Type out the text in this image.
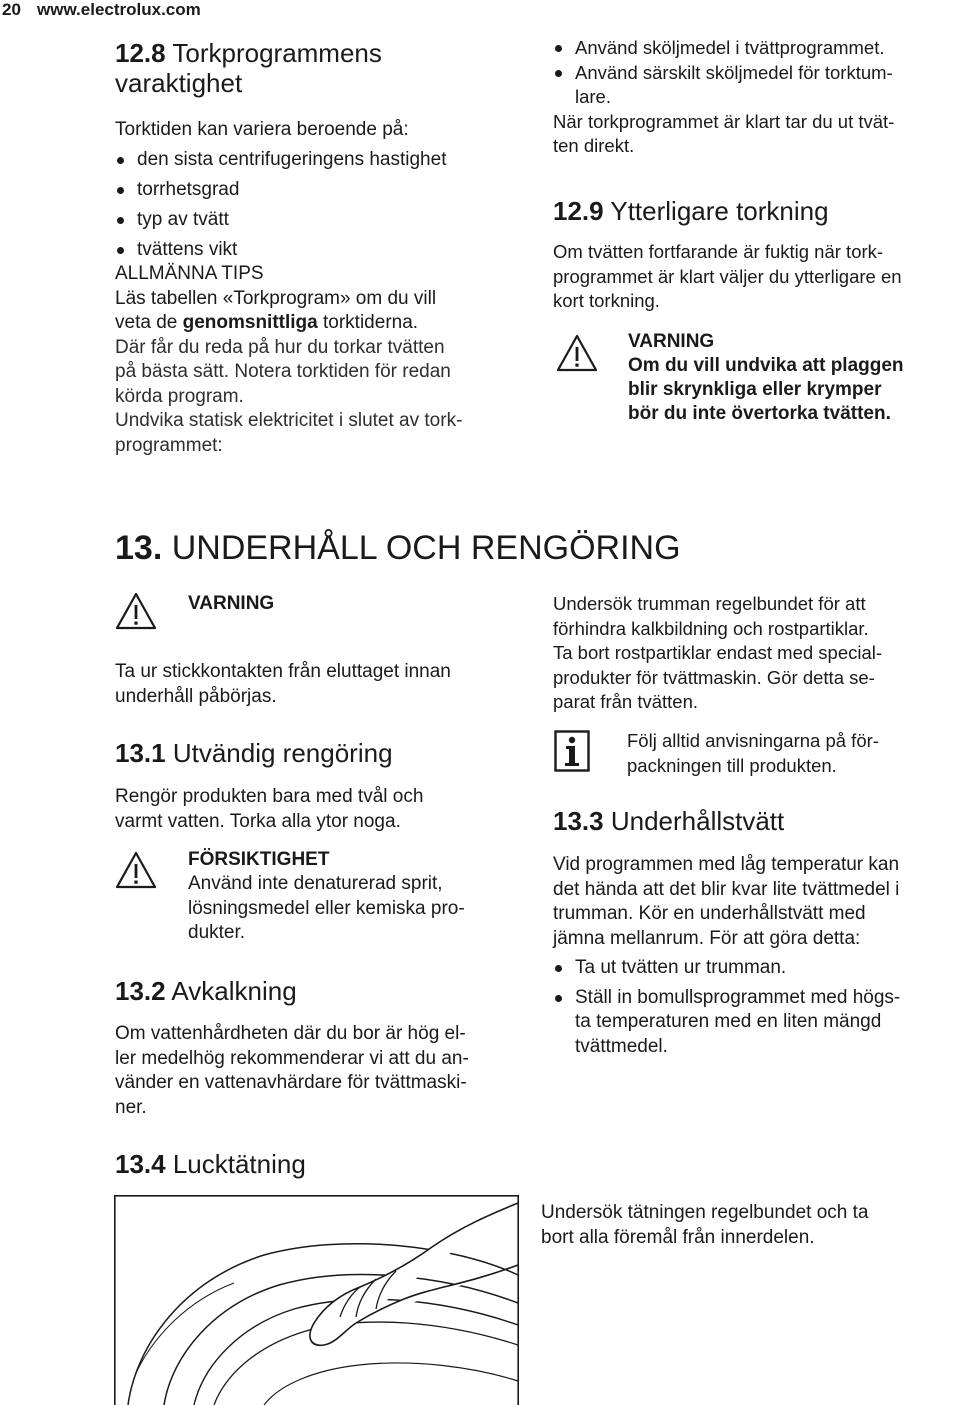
20 www.electrolux.com
12.8 Torkprogrammens
varaktighet
Torktiden kan variera beroende på:
den sista centrifugeringens hastighet
torrhetsgrad
typ av tvätt
tvättens vikt
ALLMÄNNA TIPS
Läs tabellen «Torkprogram» om du vill
veta de genomsnittliga torktiderna.
Där får du reda på hur du torkar tvätten
på bästa sätt. Notera torktiden för redan
körda program.
Undvika statisk elektricitet i slutet av tork-
programmet:
Använd sköljmedel i tvättprogrammet.
Använd särskilt sköljmedel för torktum-
lare.
När torkprogrammet är klart tar du ut tvät-
ten direkt.
12.9 Ytterligare torkning
Om tvätten fortfarande är fuktig när tork-
programmet är klart väljer du ytterligare en
kort torkning.
VARNING
Om du vill undvika att plaggen
blir skrynkliga eller krymper
bör du inte övertorka tvätten.
13. UNDERHÅLL OCH RENGÖRING
VARNING
Ta ur stickkontakten från eluttaget innan
underhåll påbörjas.
13.1 Utvändig rengöring
Rengör produkten bara med tvål och
varmt vatten. Torka alla ytor noga.
FÖRSIKTIGHET
Använd inte denaturerad sprit,
lösningsmedel eller kemiska pro-
dukter.
13.2 Avkalkning
Om vattenhårdheten där du bor är hög el-
ler medelhög rekommenderar vi att du an-
vänder en vattenavhärdare för tvättmaski-
ner.
Undersök trumman regelbundet för att
förhindra kalkbildning och rostpartiklar.
Ta bort rostpartiklar endast med special-
produkter för tvättmaskin. Gör detta se-
parat från tvätten.
Följ alltid anvisningarna på för-
packningen till produkten.
13.3 Underhållstvätt
Vid programmen med låg temperatur kan
det hända att det blir kvar lite tvättmedel i
trumman. Kör en underhållstvätt med
jämna mellanrum. För att göra detta:
Ta ut tvätten ur trumman.
Ställ in bomullsprogrammet med högs-
ta temperaturen med en liten mängd
tvättmedel.
13.4 Lucktätning
Undersök tätningen regelbundet och ta
bort alla föremål från innerdelen.
